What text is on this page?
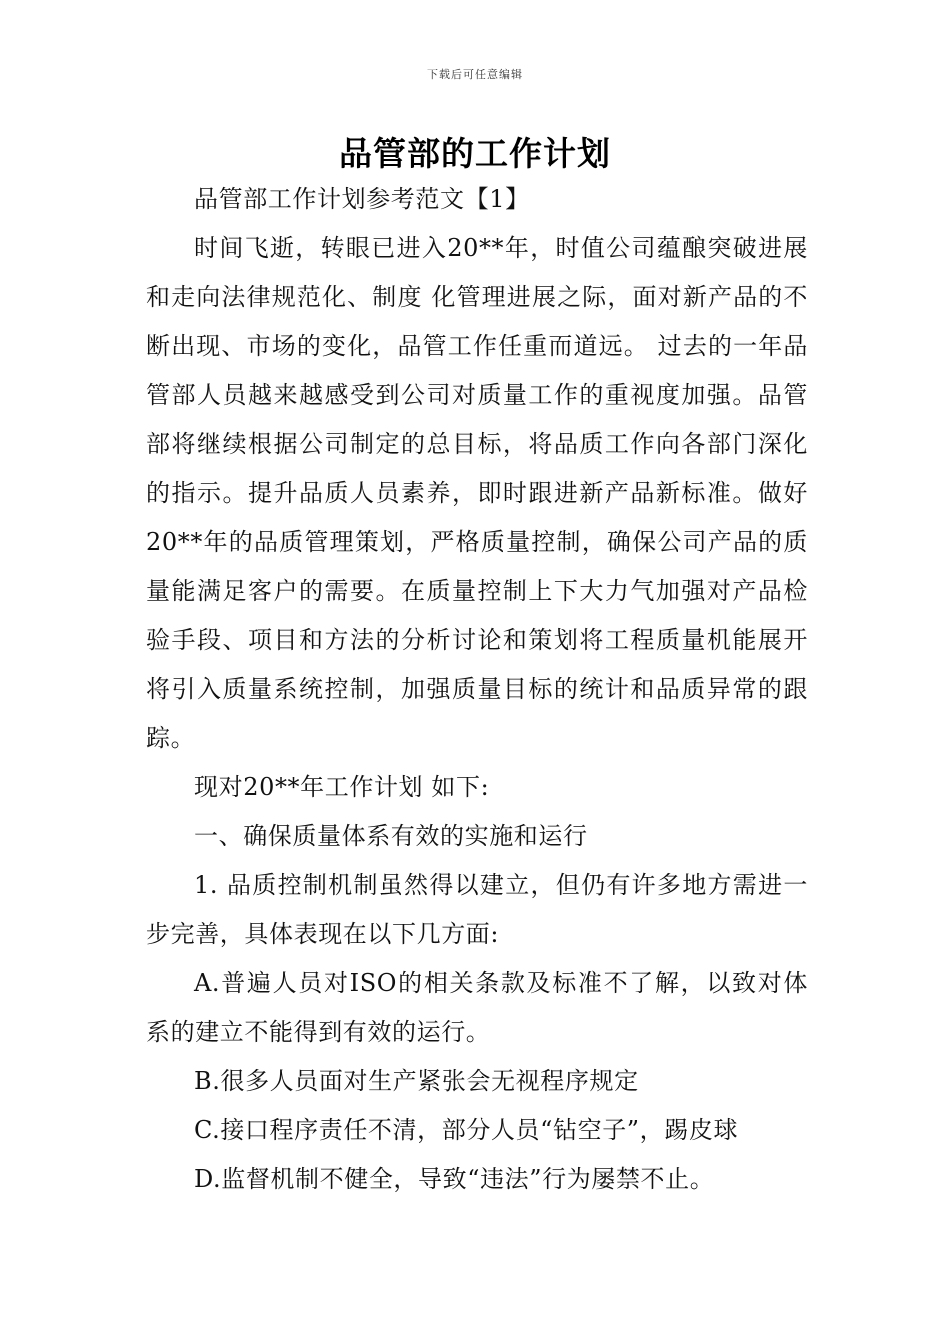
下载后可任意编辑
品管部的工作计划

品管部工作计划参考范文【1】

时间飞逝，转眼已进入20**年，时值公司蕴酿突破进展和走向法律规范化、制度 化管理进展之际，面对新产品的不断出现、市场的变化，品管工作任重而道远。 过去的一年品管部人员越来越感受到公司对质量工作的重视度加强。品管部将继续根据公司制定的总目标，将品质工作向各部门深化的指示。提升品质人员素养，即时跟进新产品新标准。做好20**年的品质管理策划，严格质量控制，确保公司产品的质量能满足客户的需要。在质量控制上下大力气加强对产品检验手段、项目和方法的分析讨论和策划将工程质量机能展开将引入质量系统控制，加强质量目标的统计和品质异常的跟踪。

现对20**年工作计划 如下:

一、确保质量体系有效的实施和运行

1. 品质控制机制虽然得以建立，但仍有许多地方需进一步完善，具体表现在以下几方面:

A.普遍人员对ISO的相关条款及标准不了解，以致对体系的建立不能得到有效的运行。

B.很多人员面对生产紧张会无视程序规定

C.接口程序责任不清，部分人员“钻空子”，踢皮球

D.监督机制不健全，导致“违法”行为屡禁不止。
